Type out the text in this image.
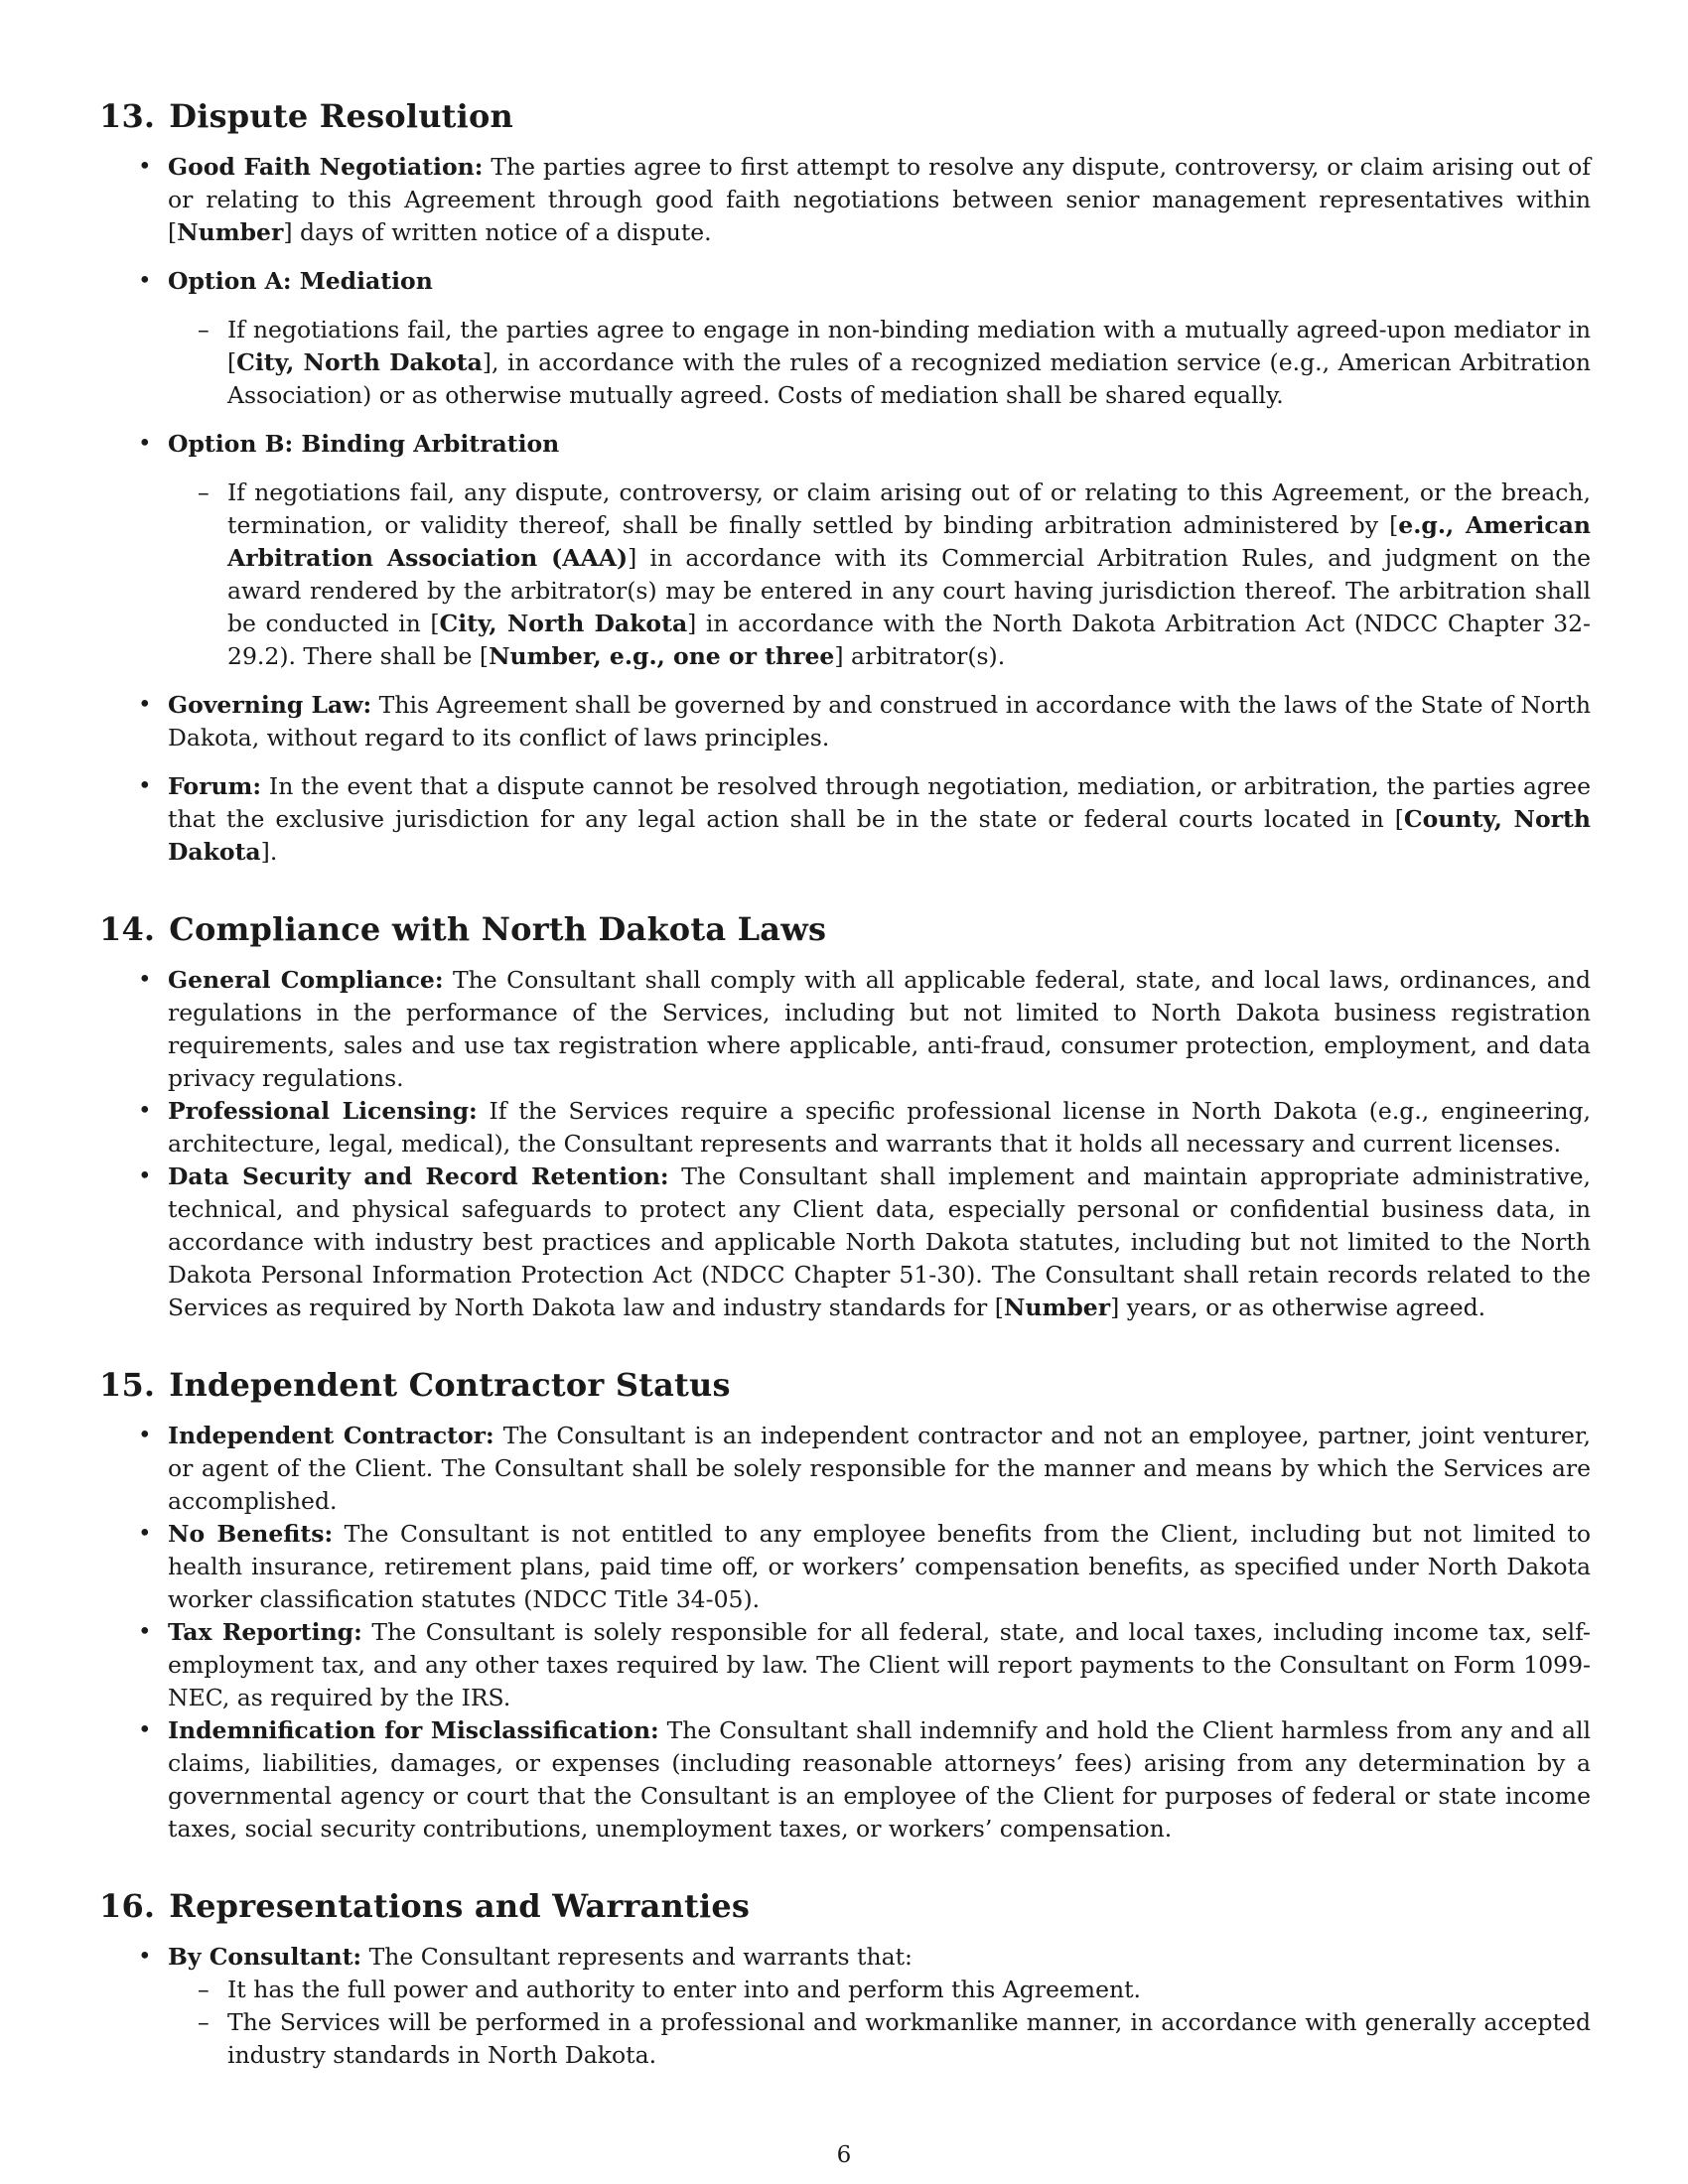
13. Dispute Resolution
• Good Faith Negotiation: The parties agree to first attempt to resolve any dispute, controversy, or claim arising out of or relating to this Agreement through good faith negotiations between senior management representatives within [Number] days of written notice of a dispute.
• Option A: Mediation
– If negotiations fail, the parties agree to engage in non-binding mediation with a mutually agreed-upon mediator in [City, North Dakota], in accordance with the rules of a recognized mediation service (e.g., American Arbitration Association) or as otherwise mutually agreed. Costs of mediation shall be shared equally.
• Option B: Binding Arbitration
– If negotiations fail, any dispute, controversy, or claim arising out of or relating to this Agreement, or the breach, termination, or validity thereof, shall be finally settled by binding arbitration administered by [e.g., American Arbitration Association (AAA)] in accordance with its Commercial Arbitration Rules, and judgment on the award rendered by the arbitrator(s) may be entered in any court having jurisdiction thereof. The arbitration shall be conducted in [City, North Dakota] in accordance with the North Dakota Arbitration Act (NDCC Chapter 32-29.2). There shall be [Number, e.g., one or three] arbitrator(s).
• Governing Law: This Agreement shall be governed by and construed in accordance with the laws of the State of North Dakota, without regard to its conflict of laws principles.
• Forum: In the event that a dispute cannot be resolved through negotiation, mediation, or arbitration, the parties agree that the exclusive jurisdiction for any legal action shall be in the state or federal courts located in [County, North Dakota].
14. Compliance with North Dakota Laws
• General Compliance: The Consultant shall comply with all applicable federal, state, and local laws, ordinances, and regulations in the performance of the Services, including but not limited to North Dakota business registration requirements, sales and use tax registration where applicable, anti-fraud, consumer protection, employment, and data privacy regulations.
• Professional Licensing: If the Services require a specific professional license in North Dakota (e.g., engineering, architecture, legal, medical), the Consultant represents and warrants that it holds all necessary and current licenses.
• Data Security and Record Retention: The Consultant shall implement and maintain appropriate administrative, technical, and physical safeguards to protect any Client data, especially personal or confidential business data, in accordance with industry best practices and applicable North Dakota statutes, including but not limited to the North Dakota Personal Information Protection Act (NDCC Chapter 51-30). The Consultant shall retain records related to the Services as required by North Dakota law and industry standards for [Number] years, or as otherwise agreed.
15. Independent Contractor Status
• Independent Contractor: The Consultant is an independent contractor and not an employee, partner, joint venturer, or agent of the Client. The Consultant shall be solely responsible for the manner and means by which the Services are accomplished.
• No Benefits: The Consultant is not entitled to any employee benefits from the Client, including but not limited to health insurance, retirement plans, paid time off, or workers’ compensation benefits, as specified under North Dakota worker classification statutes (NDCC Title 34-05).
• Tax Reporting: The Consultant is solely responsible for all federal, state, and local taxes, including income tax, self-employment tax, and any other taxes required by law. The Client will report payments to the Consultant on Form 1099-NEC, as required by the IRS.
• Indemnification for Misclassification: The Consultant shall indemnify and hold the Client harmless from any and all claims, liabilities, damages, or expenses (including reasonable attorneys’ fees) arising from any determination by a governmental agency or court that the Consultant is an employee of the Client for purposes of federal or state income taxes, social security contributions, unemployment taxes, or workers’ compensation.
16. Representations and Warranties
• By Consultant: The Consultant represents and warrants that:
– It has the full power and authority to enter into and perform this Agreement.
– The Services will be performed in a professional and workmanlike manner, in accordance with generally accepted industry standards in North Dakota.
6
